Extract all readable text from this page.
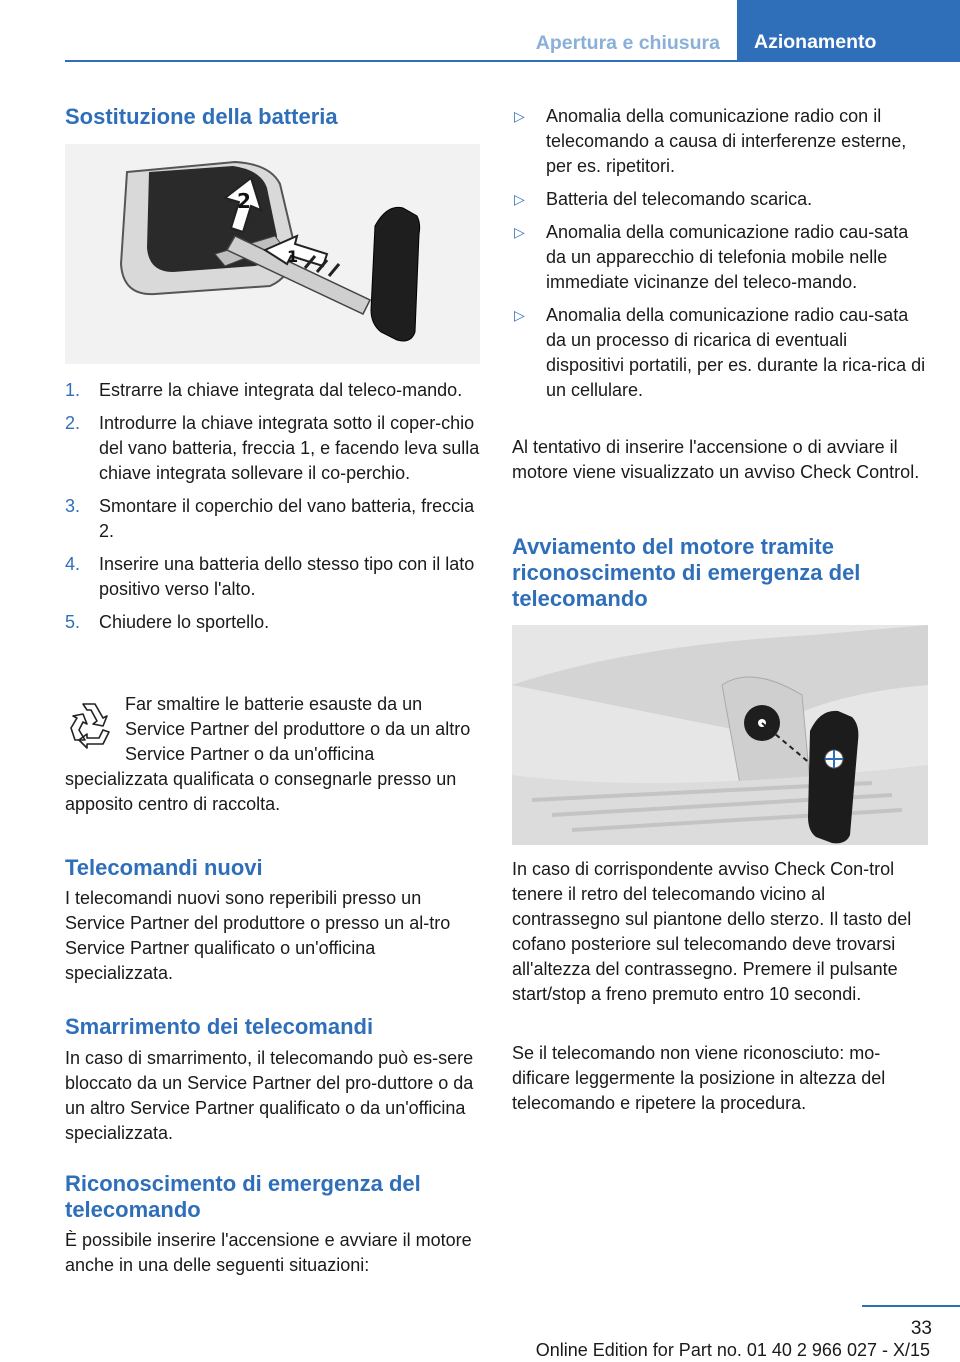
Apertura e chiusura	Azionamento
Sostituzione della batteria
2
1
1. Estrarre la chiave integrata dal teleco-mando.
2. Introdurre la chiave integrata sotto il coper-chio del vano batteria, freccia 1, e facendo leva sulla chiave integrata sollevare il co-perchio.
3. Smontare il coperchio del vano batteria, freccia 2.
4. Inserire una batteria dello stesso tipo con il lato positivo verso l'alto.
5. Chiudere lo sportello.

Far smaltire le batterie esauste da un Service Partner del produttore o da un altro Service Partner o da un'officina specializzata qualificata o consegnarle presso un apposito centro di raccolta.

Telecomandi nuovi

I telecomandi nuovi sono reperibili presso un Service Partner del produttore o presso un al-tro Service Partner qualificato o un'officina specializzata.

Smarrimento dei telecomandi

In caso di smarrimento, il telecomando può es-sere bloccato da un Service Partner del pro-duttore o da un altro Service Partner qualificato o da un'officina specializzata.

Riconoscimento di emergenza del telecomando

È possibile inserire l'accensione e avviare il motore anche in una delle seguenti situazioni:

▷ Anomalia della comunicazione radio con il telecomando a causa di interferenze esterne, per es. ripetitori.
▷ Batteria del telecomando scarica.
▷ Anomalia della comunicazione radio cau-sata da un apparecchio di telefonia mobile nelle immediate vicinanze del teleco-mando.
▷ Anomalia della comunicazione radio cau-sata da un processo di ricarica di eventuali dispositivi portatili, per es. durante la rica-rica di un cellulare.

Al tentativo di inserire l'accensione o di avviare il motore viene visualizzato un avviso Check Control.

Avviamento del motore tramite riconoscimento di emergenza del telecomando

In caso di corrispondente avviso Check Con-trol tenere il retro del telecomando vicino al contrassegno sul piantone dello sterzo. Il tasto del cofano posteriore sul telecomando deve trovarsi all'altezza del contrassegno. Premere il pulsante start/stop a freno premuto entro 10 secondi.

Se il telecomando non viene riconosciuto: mo-dificare leggermente la posizione in altezza del telecomando e ripetere la procedura.

33
Online Edition for Part no. 01 40 2 966 027 - X/15
